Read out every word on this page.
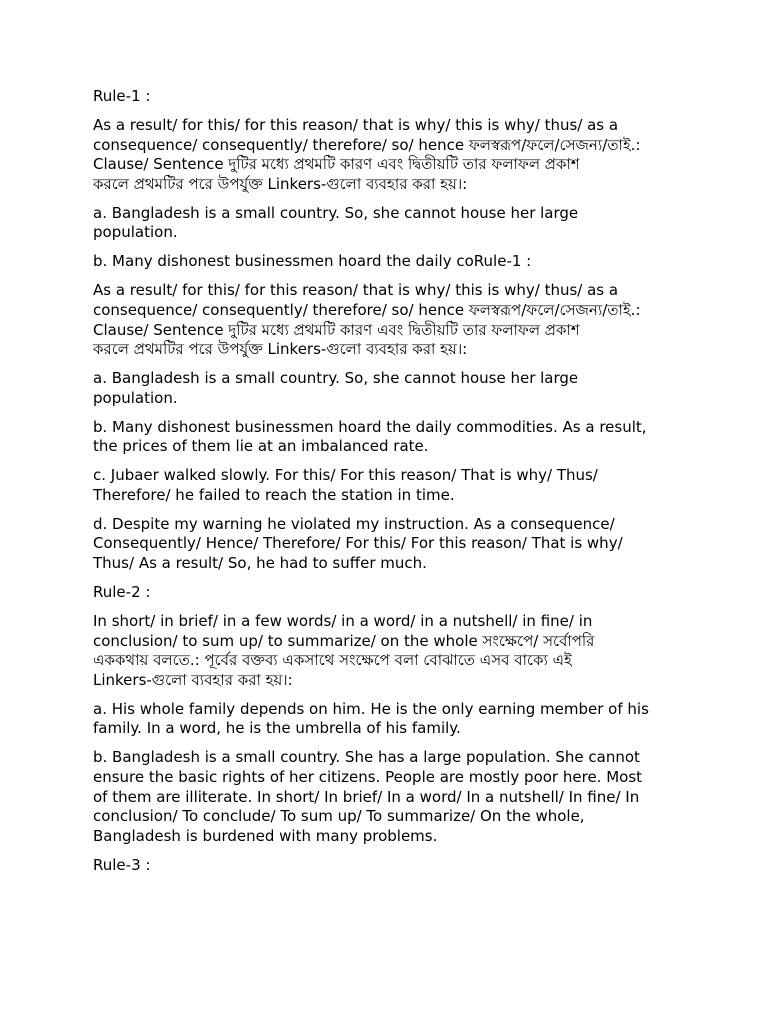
Rule-1 :

As a result/ for this/ for this reason/ that is why/ this is why/ thus/ as a
consequence/ consequently/ therefore/ so/ hence ফলস্বরূপ/ফলে/সেজন্য/তাই.:
Clause/ Sentence দুটির মধ্যে প্রথমটি কারণ এবং দ্বিতীয়টি তার ফলাফল প্রকাশ
করলে প্রথমটির পরে উপর্যুক্ত Linkers-গুলো ব্যবহার করা হয়।:

a. Bangladesh is a small country. So, she cannot house her large
population.

b. Many dishonest businessmen hoard the daily coRule-1 :

As a result/ for this/ for this reason/ that is why/ this is why/ thus/ as a
consequence/ consequently/ therefore/ so/ hence ফলস্বরূপ/ফলে/সেজন্য/তাই.:
Clause/ Sentence দুটির মধ্যে প্রথমটি কারণ এবং দ্বিতীয়টি তার ফলাফল প্রকাশ
করলে প্রথমটির পরে উপর্যুক্ত Linkers-গুলো ব্যবহার করা হয়।:

a. Bangladesh is a small country. So, she cannot house her large
population.

b. Many dishonest businessmen hoard the daily commodities. As a result,
the prices of them lie at an imbalanced rate.

c. Jubaer walked slowly. For this/ For this reason/ That is why/ Thus/
Therefore/ he failed to reach the station in time.

d. Despite my warning he violated my instruction. As a consequence/
Consequently/ Hence/ Therefore/ For this/ For this reason/ That is why/
Thus/ As a result/ So, he had to suffer much.

Rule-2 :

In short/ in brief/ in a few words/ in a word/ in a nutshell/ in fine/ in
conclusion/ to sum up/ to summarize/ on the whole সংক্ষেপে/ সর্বোপরি
এককথায় বলতে.: পূর্বের বক্তব্য একসাথে সংক্ষেপে বলা বোঝাতে এসব বাক্যে এই
Linkers-গুলো ব্যবহার করা হয়।:

a. His whole family depends on him. He is the only earning member of his
family. In a word, he is the umbrella of his family.

b. Bangladesh is a small country. She has a large population. She cannot
ensure the basic rights of her citizens. People are mostly poor here. Most
of them are illiterate. In short/ In brief/ In a word/ In a nutshell/ In fine/ In
conclusion/ To conclude/ To sum up/ To summarize/ On the whole,
Bangladesh is burdened with many problems.

Rule-3 :
